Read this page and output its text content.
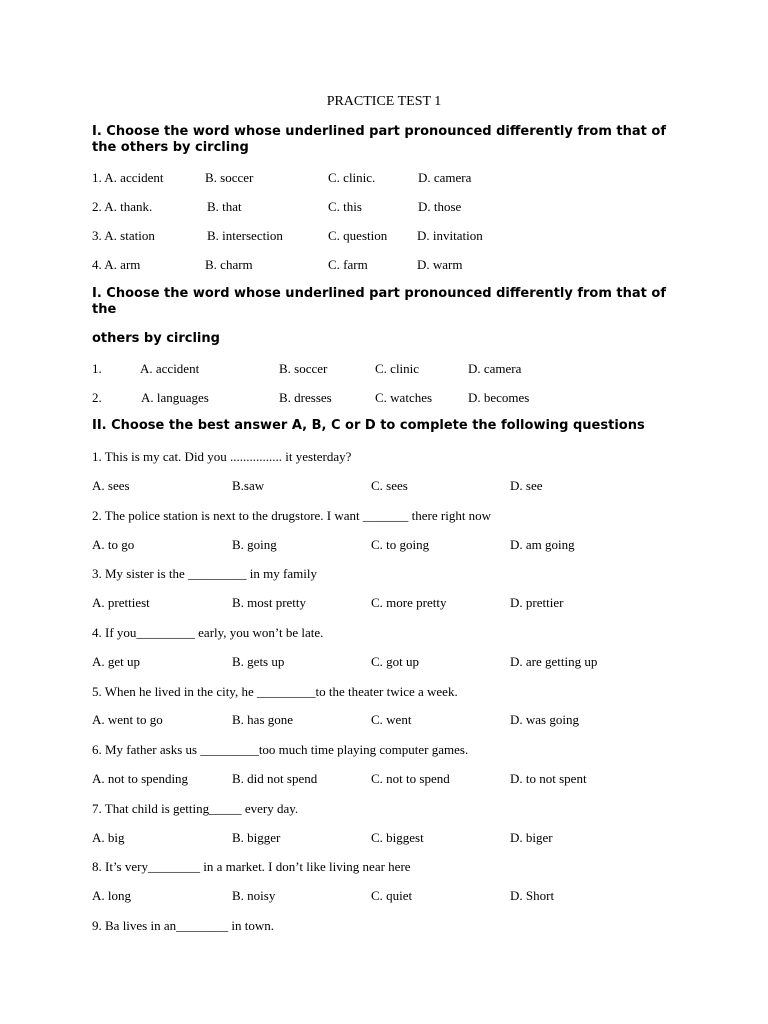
PRACTICE TEST 1
I. Choose the word whose underlined part pronounced differently from that of the others by circling
1. A. accident	B. soccer	C. clinic.	D. camera
2. A. thank.	B. that	C. this	D. those
3. A. station	B. intersection	C. question D. invitation
4. A. arm	B. charm	C. farm	D. warm
I. Choose the word whose underlined part pronounced differently from that of the
others by circling
1.	A. accident	B. soccer	C. clinic	D. camera
2.	A. languages	B. dresses	C. watches	D. becomes
II. Choose the best answer A, B, C or D to complete the following questions
1. This is my cat. Did you ................ it yesterday?
A. sees	B.saw	C. sees	D. see
2. The police station is next to the drugstore. I want _______ there right now
A. to go	B. going	C. to going	D. am going
3. My sister is the _________ in my family
A. prettiest	B. most pretty	C. more pretty	D. prettier
4. If you_________ early, you won’t be late.
A. get up	B. gets up	C. got up	D. are getting up
5. When he lived in the city, he _________to the theater twice a week.
A. went to go	B. has gone	C. went	D. was going
6. My father asks us _________too much time playing computer games.
A. not to spending	B. did not spend	C. not to spend	D. to not spent
7. That child is getting_____ every day.
A. big	B. bigger	C. biggest	D. biger
8. It’s very________ in a market. I don’t like living near here
A. long	B. noisy	C. quiet	D. Short
9. Ba lives in an________ in town.
